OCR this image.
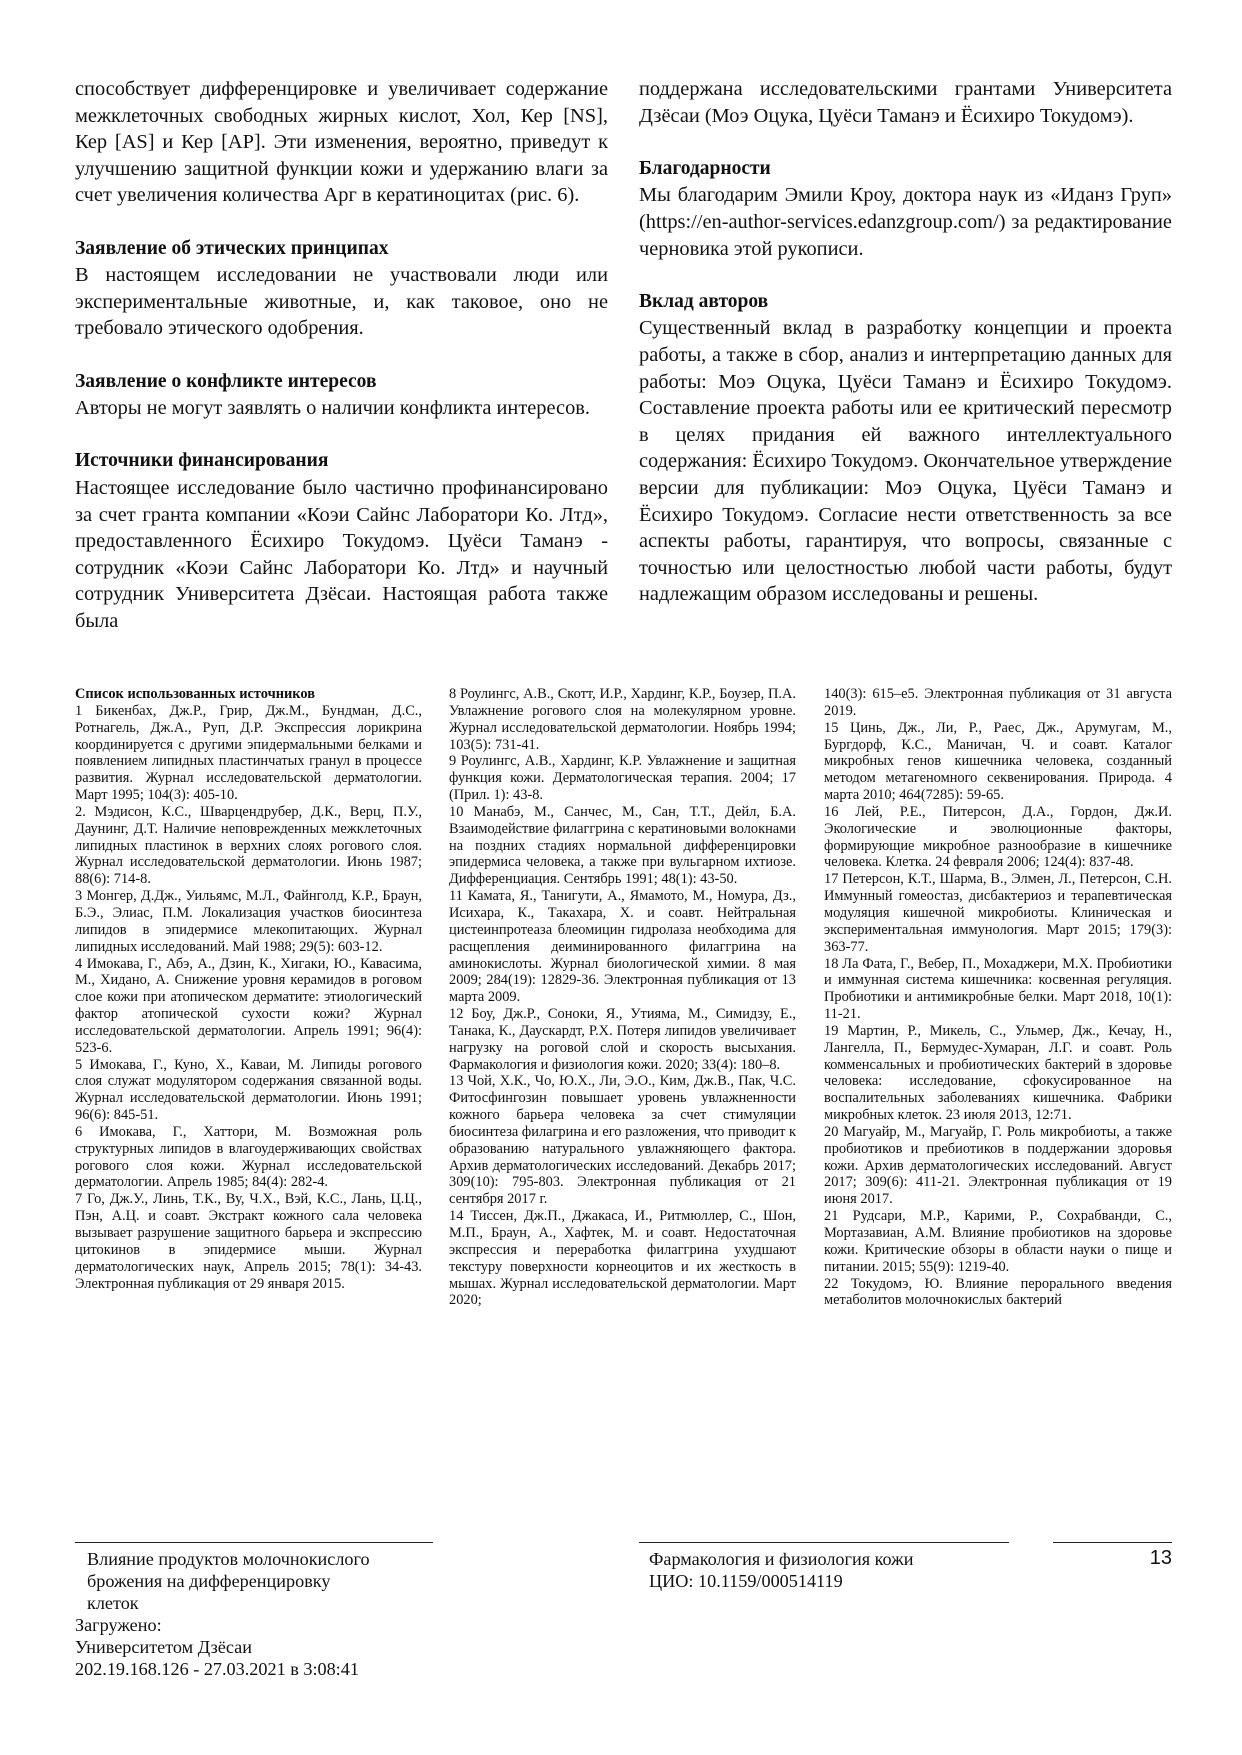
способствует дифференцировке и увеличивает содержание межклеточных свободных жирных кислот, Хол, Кер [NS], Кер [AS] и Кер [AP]. Эти изменения, вероятно, приведут к улучшению защитной функции кожи и удержанию влаги за счет увеличения количества Арг в кератиноцитах (рис. 6).

Заявление об этических принципах

В настоящем исследовании не участвовали люди или экспериментальные животные, и, как таковое, оно не требовало этического одобрения.

Заявление о конфликте интересов

Авторы не могут заявлять о наличии конфликта интересов.

Источники финансирования

Настоящее исследование было частично профинансировано за счет гранта компании «Коэи Сайнс Лаборатори Ко. Лтд», предоставленного Ёсихиро Токудомэ. Цуёси Таманэ - сотрудник «Коэи Сайнс Лаборатори Ко. Лтд» и научный сотрудник Университета Дзёсаи. Настоящая работа также была

поддержана исследовательскими грантами Университета Дзёсаи (Моэ Оцука, Цуёси Таманэ и Ёсихиро Токудомэ).

Благодарности

Мы благодарим Эмили Кроу, доктора наук из «Иданз Груп» (https://en-author-services.edanzgroup.com/) за редактирование черновика этой рукописи.

Вклад авторов

Существенный вклад в разработку концепции и проекта работы, а также в сбор, анализ и интерпретацию данных для работы: Моэ Оцука, Цуёси Таманэ и Ёсихиро Токудомэ. Составление проекта работы или ее критический пересмотр в целях придания ей важного интеллектуального содержания: Ёсихиро Токудомэ. Окончательное утверждение версии для публикации: Моэ Оцука, Цуёси Таманэ и Ёсихиро Токудомэ. Согласие нести ответственность за все аспекты работы, гарантируя, что вопросы, связанные с точностью или целостностью любой части работы, будут надлежащим образом исследованы и решены.

Список использованных источников

1 Бикенбах, Дж.Р., Грир, Дж.М., Бундман, Д.С., Ротнагель, Дж.А., Руп, Д.Р. Экспрессия лорикрина координируется с другими эпидермальными белками и появлением липидных пластинчатых гранул в процессе развития. Журнал исследовательской дерматологии. Март 1995; 104(3): 405-10.

2. Мэдисон, К.С., Шварцендрубер, Д.К., Верц, П.У., Даунинг, Д.Т. Наличие неповрежденных межклеточных липидных пластинок в верхних слоях рогового слоя. Журнал исследовательской дерматологии. Июнь 1987; 88(6): 714-8.

3 Монгер, Д.Дж., Уильямс, М.Л., Файнголд, К.Р., Браун, Б.Э., Элиас, П.М. Локализация участков биосинтеза липидов в эпидермисе млекопитающих. Журнал липидных исследований. Май 1988; 29(5): 603-12.

4 Имокава, Г., Абэ, А., Дзин, К., Хигаки, Ю., Кавасима, М., Хидано, А. Снижение уровня керамидов в роговом слое кожи при атопическом дерматите: этиологический фактор атопической сухости кожи? Журнал исследовательской дерматологии. Апрель 1991; 96(4): 523-6.

5 Имокава, Г., Куно, Х., Каваи, М. Липиды рогового слоя служат модулятором содержания связанной воды. Журнал исследовательской дерматологии. Июнь 1991; 96(6): 845-51.

6 Имокава, Г., Хаттори, М. Возможная роль структурных липидов в влагоудерживающих свойствах рогового слоя кожи. Журнал исследовательской дерматологии. Апрель 1985; 84(4): 282-4.

7 Го, Дж.У., Линь, Т.К., Ву, Ч.Х., Вэй, К.С., Лань, Ц.Ц., Пэн, А.Ц. и соавт. Экстракт кожного сала человека вызывает разрушение защитного барьера и экспрессию цитокинов в эпидермисе мыши. Журнал дерматологических наук, Апрель 2015; 78(1): 34-43. Электронная публикация от 29 января 2015.

8 Роулингс, А.В., Скотт, И.Р., Хардинг, К.Р., Боузер, П.А. Увлажнение рогового слоя на молекулярном уровне. Журнал исследовательской дерматологии. Ноябрь 1994; 103(5): 731-41.

9 Роулингс, А.В., Хардинг, К.Р. Увлажнение и защитная функция кожи. Дерматологическая терапия. 2004; 17 (Прил. 1): 43-8.

10 Манабэ, М., Санчес, М., Сан, Т.Т., Дейл, Б.А. Взаимодействие филаггрина с кератиновыми волокнами на поздних стадиях нормальной дифференцировки эпидермиса человека, а также при вульгарном ихтиозе. Дифференциация. Сентябрь 1991; 48(1): 43-50.

11 Камата, Я., Танигути, А., Ямамото, М., Номура, Дз., Исихара, К., Такахара, Х. и соавт. Нейтральная цистеинпротеаза блеомицин гидролаза необходима для расщепления деиминированного филаггрина на аминокислоты. Журнал биологической химии. 8 мая 2009; 284(19): 12829-36. Электронная публикация от 13 марта 2009.

12 Боу, Дж.Р., Соноки, Я., Утияма, М., Симидзу, Е., Танака, К., Даускардт, Р.Х. Потеря липидов увеличивает нагрузку на роговой слой и скорость высыхания. Фармакология и физиология кожи. 2020; 33(4): 180–8.

13 Чой, Х.К., Чо, Ю.Х., Ли, Э.О., Ким, Дж.В., Пак, Ч.С. Фитосфингозин повышает уровень увлажненности кожного барьера человека за счет стимуляции биосинтеза филагрина и его разложения, что приводит к образованию натурального увлажняющего фактора. Архив дерматологических исследований. Декабрь 2017; 309(10): 795-803. Электронная публикация от 21 сентября 2017 г.

14 Тиссен, Дж.П., Джакаса, И., Ритмюллер, С., Шон, М.П., Браун, А., Хафтек, М. и соавт. Недостаточная экспрессия и переработка филаггрина ухудшают текстуру поверхности корнеоцитов и их жесткость в мышах. Журнал исследовательской дерматологии. Март 2020;

140(3): 615–e5. Электронная публикация от 31 августа 2019.

15 Цинь, Дж., Ли, Р., Раес, Дж., Арумугам, М., Бургдорф, К.С., Маничан, Ч. и соавт. Каталог микробных генов кишечника человека, созданный методом метагеномного секвенирования. Природа. 4 марта 2010; 464(7285): 59-65.

16 Лей, Р.Е., Питерсон, Д.А., Гордон, Дж.И. Экологические и эволюционные факторы, формирующие микробное разнообразие в кишечнике человека. Клетка. 24 февраля 2006; 124(4): 837-48.

17 Петерсон, К.Т., Шарма, В., Элмен, Л., Петерсон, С.Н. Иммунный гомеостаз, дисбактериоз и терапевтическая модуляция кишечной микробиоты. Клиническая и экспериментальная иммунология. Март 2015; 179(3): 363-77.

18 Ла Фата, Г., Вебер, П., Мохаджери, М.Х. Пробиотики и иммунная система кишечника: косвенная регуляция. Пробиотики и антимикробные белки. Март 2018, 10(1): 11-21.

19 Мартин, Р., Микель, С., Ульмер, Дж., Кечау, Н., Лангелла, П., Бермудес-Хумаран, Л.Г. и соавт. Роль комменсальных и пробиотических бактерий в здоровье человека: исследование, сфокусированное на воспалительных заболеваниях кишечника. Фабрики микробных клеток. 23 июля 2013, 12:71.

20 Магуайр, М., Магуайр, Г. Роль микробиоты, а также пробиотиков и пребиотиков в поддержании здоровья кожи. Архив дерматологических исследований. Август 2017; 309(6): 411-21. Электронная публикация от 19 июня 2017.

21 Рудсари, М.Р., Карими, Р., Сохрабванди, С., Мортазавиан, А.М. Влияние пробиотиков на здоровье кожи. Критические обзоры в области науки о пище и питании. 2015; 55(9): 1219-40.

22 Токудомэ, Ю. Влияние перорального введения метаболитов молочнокислых бактерий

Влияние продуктов молочнокислого
брожения на дифференцировку
клеток
Загружено:
Университетом Дзёсаи
202.19.168.126 - 27.03.2021 в 3:08:41
Фармакология и физиология кожи
ЦИО: 10.1159/000514119
13
